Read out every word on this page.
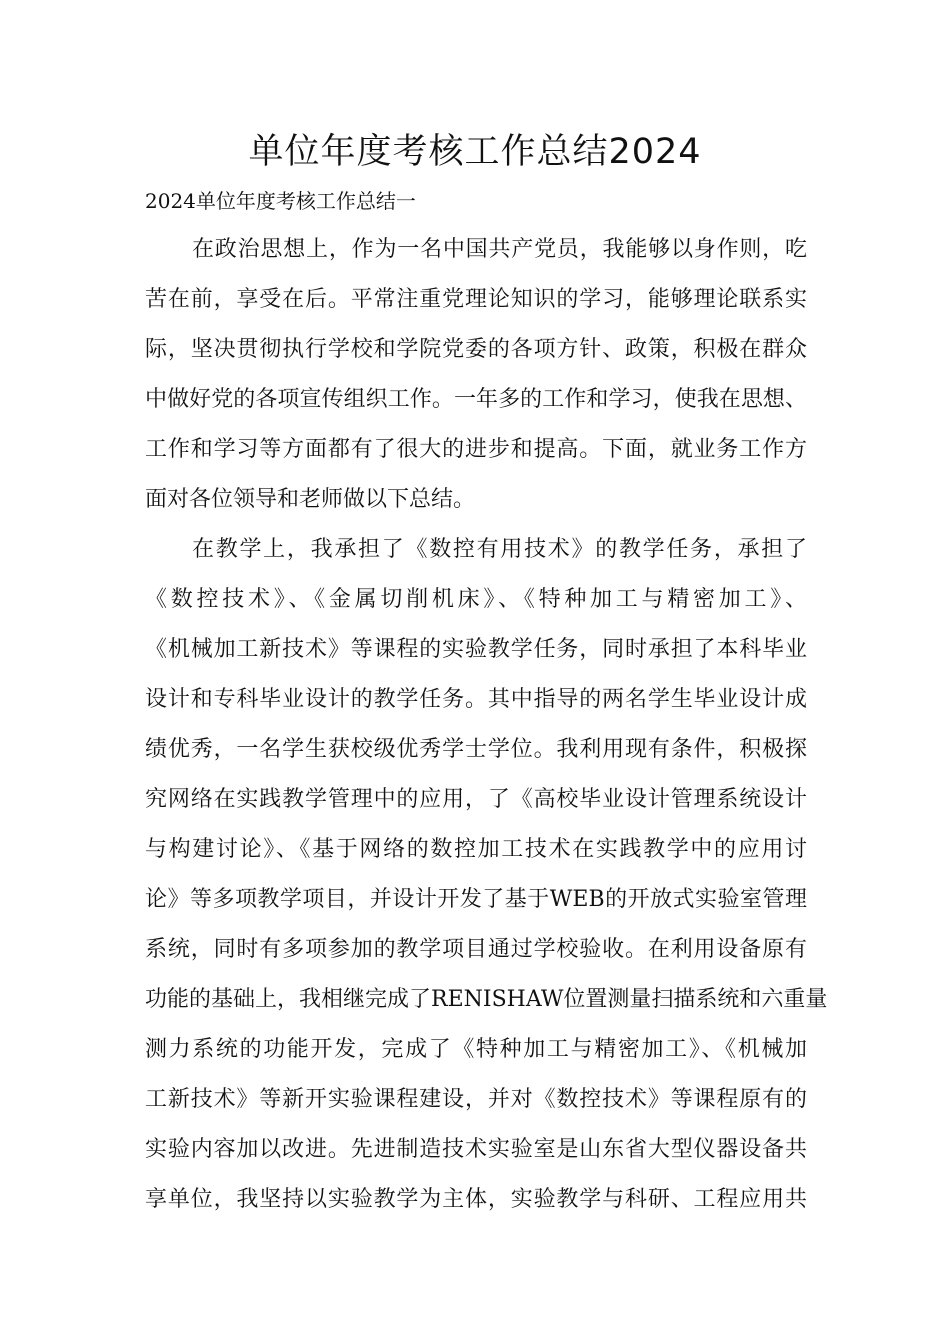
单位年度考核工作总结2024

2024单位年度考核工作总结一

在政治思想上，作为一名中国共产党员，我能够以身作则，吃

苦在前，享受在后。平常注重党理论知识的学习，能够理论联系实

际，坚决贯彻执行学校和学院党委的各项方针、政策，积极在群众

中做好党的各项宣传组织工作。一年多的工作和学习，使我在思想、

工作和学习等方面都有了很大的进步和提高。下面，就业务工作方

面对各位领导和老师做以下总结。

在教学上，我承担了《数控有用技术》的教学任务，承担了

《数控技术》、《金属切削机床》、《特种加工与精密加工》、

《机械加工新技术》等课程的实验教学任务，同时承担了本科毕业

设计和专科毕业设计的教学任务。其中指导的两名学生毕业设计成

绩优秀，一名学生获校级优秀学士学位。我利用现有条件，积极探

究网络在实践教学管理中的应用，了《高校毕业设计管理系统设计

与构建讨论》、《基于网络的数控加工技术在实践教学中的应用讨

论》等多项教学项目，并设计开发了基于WEB的开放式实验室管理

系统，同时有多项参加的教学项目通过学校验收。在利用设备原有

功能的基础上，我相继完成了RENISHAW位置测量扫描系统和六重量

测力系统的功能开发，完成了《特种加工与精密加工》、《机械加

工新技术》等新开实验课程建设，并对《数控技术》等课程原有的

实验内容加以改进。先进制造技术实验室是山东省大型仪器设备共

享单位，我坚持以实验教学为主体，实验教学与科研、工程应用共
